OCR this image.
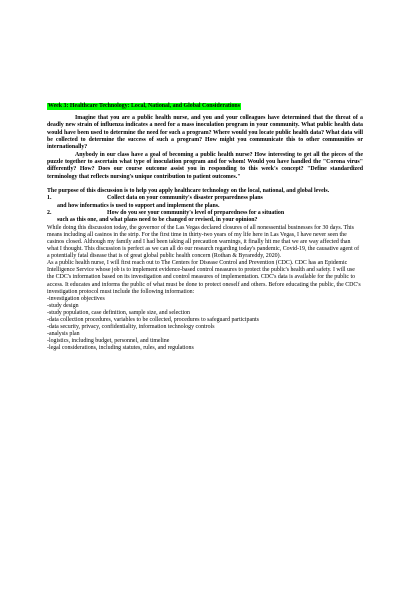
Week 3: Healthcare Technology: Local, National, and Global Considerations

Imagine that you are a public health nurse, and you and your colleagues have determined that the threat of a deadly new strain of influenza indicates a need for a mass inoculation program in your community. What public health data would have been used to determine the need for such a program? Where would you locate public health data? What data will be collected to determine the success of such a program? How might you communicate this to other communities or internationally?

Anybody in our class have a goal of becoming a public health nurse? How interesting to get all the pieces of the puzzle together to ascertain what type of inoculation program and for whom! Would you have handled the "Corona virus" differently? How? Does our course outcome assist you in responding to this week's concept? "Define standardized terminology that reflects nursing's unique contribution to patient outcomes."

The purpose of this discussion is to help you apply healthcare technology on the local, national, and global levels.

1.	Collect data on your community's disaster preparedness plans
and how informatics is used to support and implement the plans.
2.	How do you see your community's level of preparedness for a situation
such as this one, and what plans need to be changed or revised, in your opinion?

While doing this discussion today, the governor of the Las Vegas declared closures of all nonessential businesses for 30 days. This means including all casinos in the strip. For the first time in thirty-two years of my life here in Las Vegas, I have never seen the casinos closed. Although my family and I had been taking all precaution warnings, it finally hit me that we are way affected than what I thought. This discussion is perfect as we can all do our research regarding today's pandemic, Covid-19, the causative agent of a potentially fatal disease that is of great global public health concern (Rothan & Byrareddy, 2020).

As a public health nurse, I will first reach out to The Centers for Disease Control and Prevention (CDC). CDC has an Epidemic Intelligence Service whose job is to implement evidence-based control measures to protect the public's health and safety. I will use the CDC's information based on its investigation and control measures of implementation. CDC's data is available for the public to access. It educates and informs the public of what must be done to protect oneself and others. Before educating the public, the CDC's investigation protocol must include the following information:

-investigation objectives
-study design
-study population, case definition, sample size, and selection
-data collection procedures, variables to be collected, procedures to safeguard participants
-data security, privacy, confidentiality, information technology controls
-analysis plan
-logistics, including budget, personnel, and timeline
-legal considerations, including statutes, rules, and regulations
